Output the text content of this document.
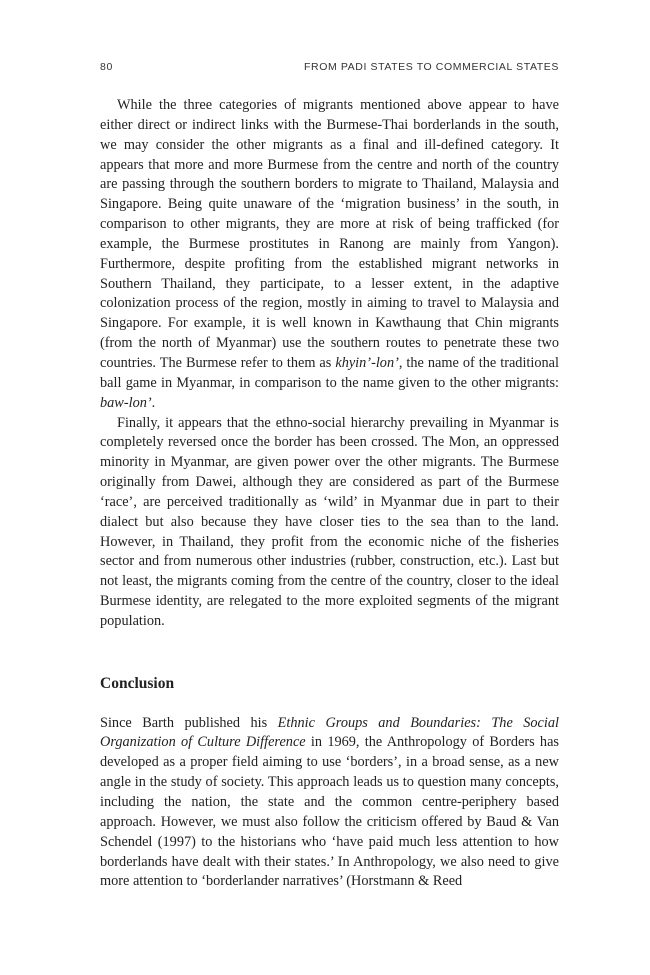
80	FROM PADI STATES TO COMMERCIAL STATES

While the three categories of migrants mentioned above appear to have either direct or indirect links with the Burmese-Thai borderlands in the south, we may consider the other migrants as a final and ill-defined category. It appears that more and more Burmese from the centre and north of the country are passing through the southern borders to migrate to Thailand, Malaysia and Singapore. Being quite unaware of the ‘migration business’ in the south, in comparison to other migrants, they are more at risk of being trafficked (for example, the Burmese prostitutes in Ranong are mainly from Yangon). Furthermore, despite profiting from the established migrant networks in Southern Thailand, they participate, to a lesser extent, in the adaptive colonization process of the region, mostly in aiming to travel to Malaysia and Singapore. For example, it is well known in Kawthaung that Chin migrants (from the north of Myanmar) use the southern routes to penetrate these two countries. The Burmese refer to them as khyin’-lon’, the name of the traditional ball game in Myanmar, in comparison to the name given to the other migrants: baw-lon’.

Finally, it appears that the ethno-social hierarchy prevailing in Myanmar is completely reversed once the border has been crossed. The Mon, an oppressed minority in Myanmar, are given power over the other migrants. The Burmese originally from Dawei, although they are considered as part of the Burmese ‘race’, are perceived traditionally as ‘wild’ in Myanmar due in part to their dialect but also because they have closer ties to the sea than to the land. However, in Thailand, they profit from the economic niche of the fisheries sector and from numerous other industries (rubber, construction, etc.). Last but not least, the migrants coming from the centre of the country, closer to the ideal Burmese identity, are relegated to the more exploited segments of the migrant population.

Conclusion

Since Barth published his Ethnic Groups and Boundaries: The Social Organization of Culture Difference in 1969, the Anthropology of Borders has developed as a proper field aiming to use ‘borders’, in a broad sense, as a new angle in the study of society. This approach leads us to question many concepts, including the nation, the state and the common centre-periphery based approach. However, we must also follow the criticism offered by Baud & Van Schendel (1997) to the historians who ‘have paid much less attention to how borderlands have dealt with their states.’ In Anthropology, we also need to give more attention to ‘borderlander narratives’ (Horstmann & Reed
